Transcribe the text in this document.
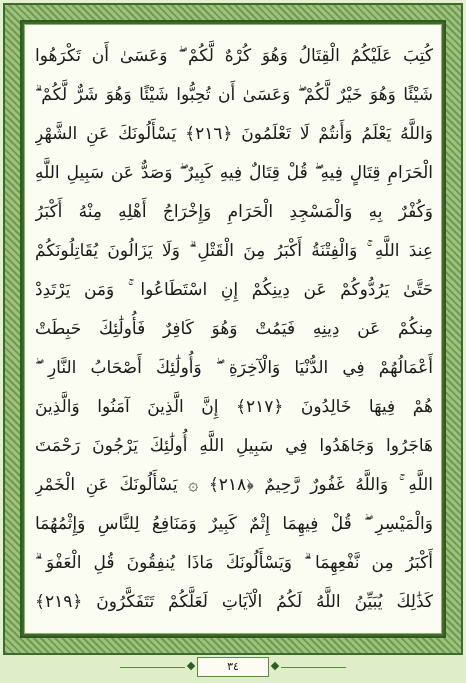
كُتِبَ عَلَيْكُمُ الْقِتَالُ وَهُوَ كُرْهٌ لَّكُمْ ۖ وَعَسَىٰ أَن تَكْرَهُوا
شَيْئًا وَهُوَ خَيْرٌ لَّكُمْ ۖ وَعَسَىٰ أَن تُحِبُّوا شَيْئًا وَهُوَ شَرٌّ لَّكُمْ ۗ
وَاللَّهُ يَعْلَمُ وَأَنتُمْ لَا تَعْلَمُونَ ﴿٢١٦﴾ يَسْأَلُونَكَ عَنِ الشَّهْرِ
الْحَرَامِ قِتَالٍ فِيهِ ۖ قُلْ قِتَالٌ فِيهِ كَبِيرٌ ۖ وَصَدٌّ عَن سَبِيلِ اللَّهِ
وَكُفْرٌ بِهِ وَالْمَسْجِدِ الْحَرَامِ وَإِخْرَاجُ أَهْلِهِ مِنْهُ أَكْبَرُ
عِندَ اللَّهِ ۚ وَالْفِتْنَةُ أَكْبَرُ مِنَ الْقَتْلِ ۗ وَلَا يَزَالُونَ يُقَاتِلُونَكُمْ
حَتَّىٰ يَرُدُّوكُمْ عَن دِينِكُمْ إِنِ اسْتَطَاعُوا ۚ وَمَن يَرْتَدِدْ
مِنكُمْ عَن دِينِهِ فَيَمُتْ وَهُوَ كَافِرٌ فَأُولَٰئِكَ حَبِطَتْ
أَعْمَالُهُمْ فِي الدُّنْيَا وَالْآخِرَةِ ۖ وَأُولَٰئِكَ أَصْحَابُ النَّارِ ۖ
هُمْ فِيهَا خَالِدُونَ ﴿٢١٧﴾ إِنَّ الَّذِينَ آمَنُوا وَالَّذِينَ
هَاجَرُوا وَجَاهَدُوا فِي سَبِيلِ اللَّهِ أُولَٰئِكَ يَرْجُونَ رَحْمَتَ
اللَّهِ ۚ وَاللَّهُ غَفُورٌ رَّحِيمٌ ﴿٢١٨﴾ ۞ يَسْأَلُونَكَ عَنِ الْخَمْرِ
وَالْمَيْسِرِ ۖ قُلْ فِيهِمَا إِثْمٌ كَبِيرٌ وَمَنَافِعُ لِلنَّاسِ وَإِثْمُهُمَا
أَكْبَرُ مِن نَّفْعِهِمَا ۗ وَيَسْأَلُونَكَ مَاذَا يُنفِقُونَ قُلِ الْعَفْوَ ۗ
كَذَٰلِكَ يُبَيِّنُ اللَّهُ لَكُمُ الْآيَاتِ لَعَلَّكُمْ تَتَفَكَّرُونَ ﴿٢١٩﴾
٣٤
